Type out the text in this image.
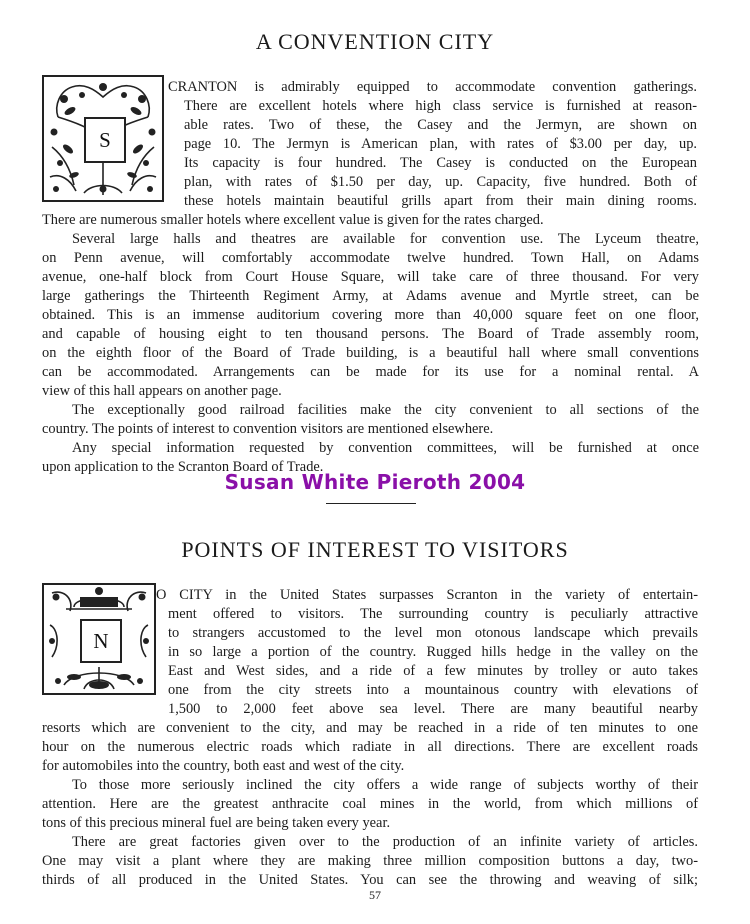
A CONVENTION CITY
S

CRANTON is admirably equipped to accommodate convention gatherings.

There are excellent hotels where high class service is furnished at reason-

able rates. Two of these, the Casey and the Jermyn, are shown on

page 10. The Jermyn is American plan, with rates of $3.00 per day, up.

Its capacity is four hundred. The Casey is conducted on the European

plan, with rates of $1.50 per day, up. Capacity, five hundred. Both of

these hotels maintain beautiful grills apart from their main dining rooms.

There are numerous smaller hotels where excellent value is given for the rates charged.

Several large halls and theatres are available for convention use. The Lyceum theatre,

on Penn avenue, will comfortably accommodate twelve hundred. Town Hall, on Adams

avenue, one-half block from Court House Square, will take care of three thousand. For very

large gatherings the Thirteenth Regiment Army, at Adams avenue and Myrtle street, can be

obtained. This is an immense auditorium covering more than 40,000 square feet on one floor,

and capable of housing eight to ten thousand persons. The Board of Trade assembly room,

on the eighth floor of the Board of Trade building, is a beautiful hall where small conventions

can be accommodated. Arrangements can be made for its use for a nominal rental. A

view of this hall appears on another page.

The exceptionally good railroad facilities make the city convenient to all sections of the

country. The points of interest to convention visitors are mentioned elsewhere.

Any special information requested by convention committees, will be furnished at once

upon application to the Scranton Board of Trade.

Susan White Pieroth 2004

POINTS OF INTEREST TO VISITORS
N

O CITY in the United States surpasses Scranton in the variety of entertain-

ment offered to visitors. The surrounding country is peculiarly attractive

to strangers accustomed to the level mon otonous landscape which prevails

in so large a portion of the country. Rugged hills hedge in the valley on the

East and West sides, and a ride of a few minutes by trolley or auto takes

one from the city streets into a mountainous country with elevations of

1,500 to 2,000 feet above sea level. There are many beautiful nearby

resorts which are convenient to the city, and may be reached in a ride of ten minutes to one

hour on the numerous electric roads which radiate in all directions. There are excellent roads

for automobiles into the country, both east and west of the city.

To those more seriously inclined the city offers a wide range of subjects worthy of their

attention. Here are the greatest anthracite coal mines in the world, from which millions of

tons of this precious mineral fuel are being taken every year.

There are great factories given over to the production of an infinite variety of articles.

One may visit a plant where they are making three million composition buttons a day, two-

thirds of all produced in the United States. You can see the throwing and weaving of silk;

57
